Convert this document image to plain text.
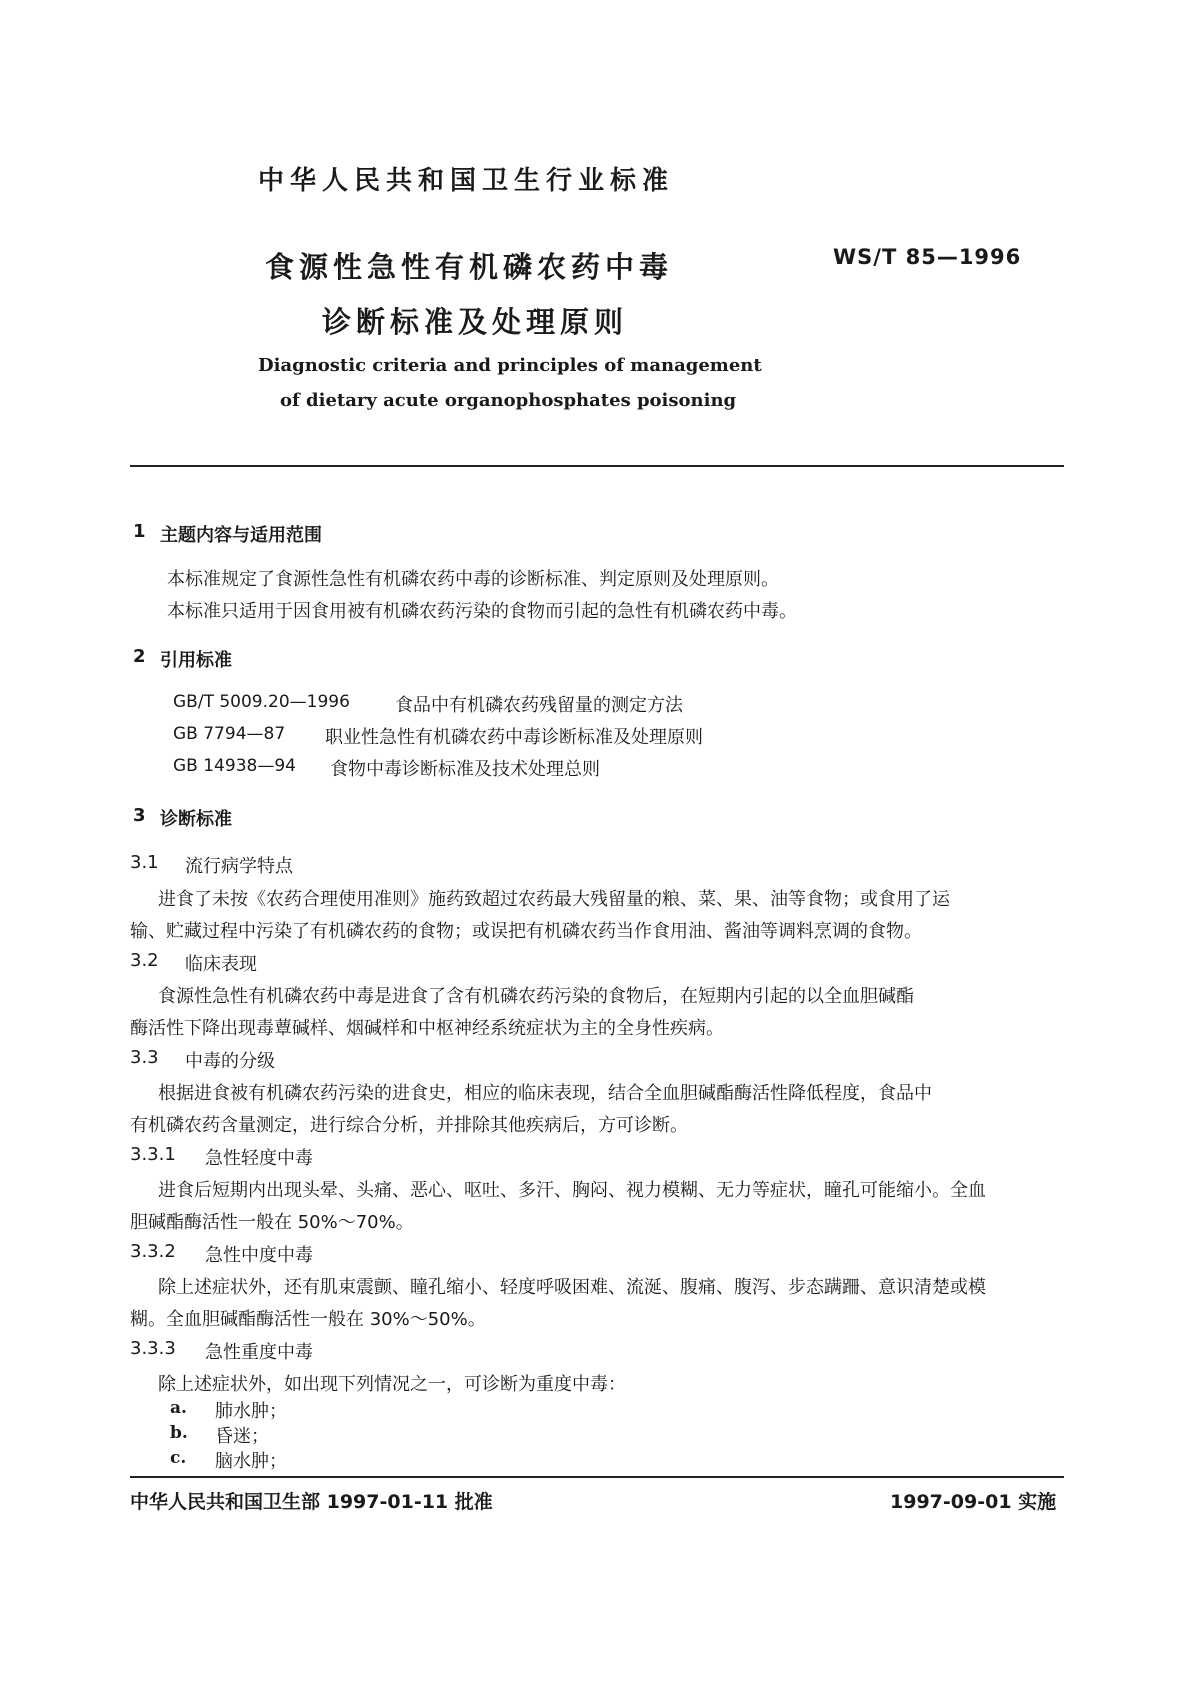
中华人民共和国卫生行业标准
食源性急性有机磷农药中毒
诊断标准及处理原则
WS/T 85—1996
Diagnostic criteria and principles of management
of dietary acute organophosphates poisoning
1 主题内容与适用范围
本标准规定了食源性急性有机磷农药中毒的诊断标准、判定原则及处理原则。
本标准只适用于因食用被有机磷农药污染的食物而引起的急性有机磷农药中毒。
2 引用标准
GB/T 5009.20—1996	食品中有机磷农药残留量的测定方法
GB 7794—87 职业性急性有机磷农药中毒诊断标准及处理原则
GB 14938—94 食物中毒诊断标准及技术处理总则
3 诊断标准
3.1 流行病学特点
进食了未按《农药合理使用准则》施药致超过农药最大残留量的粮、菜、果、油等食物；或食用了运
输、贮藏过程中污染了有机磷农药的食物；或误把有机磷农药当作食用油、酱油等调料烹调的食物。
3.2 临床表现
食源性急性有机磷农药中毒是进食了含有机磷农药污染的食物后，在短期内引起的以全血胆碱酯
酶活性下降出现毒蕈碱样、烟碱样和中枢神经系统症状为主的全身性疾病。
3.3 中毒的分级
根据进食被有机磷农药污染的进食史，相应的临床表现，结合全血胆碱酯酶活性降低程度，食品中
有机磷农药含量测定，进行综合分析，并排除其他疾病后，方可诊断。
3.3.1 急性轻度中毒
进食后短期内出现头晕、头痛、恶心、呕吐、多汗、胸闷、视力模糊、无力等症状，瞳孔可能缩小。全血
胆碱酯酶活性一般在 50%～70%。
3.3.2 急性中度中毒
除上述症状外，还有肌束震颤、瞳孔缩小、轻度呼吸困难、流涎、腹痛、腹泻、步态蹒跚、意识清楚或模
糊。全血胆碱酯酶活性一般在 30%～50%。
3.3.3 急性重度中毒
除上述症状外，如出现下列情况之一，可诊断为重度中毒：
a. 肺水肿；
b. 昏迷；
中华人民共和国卫生部 1997-01-11 批准	1997-09-01 实施
c. 脑水肿；
